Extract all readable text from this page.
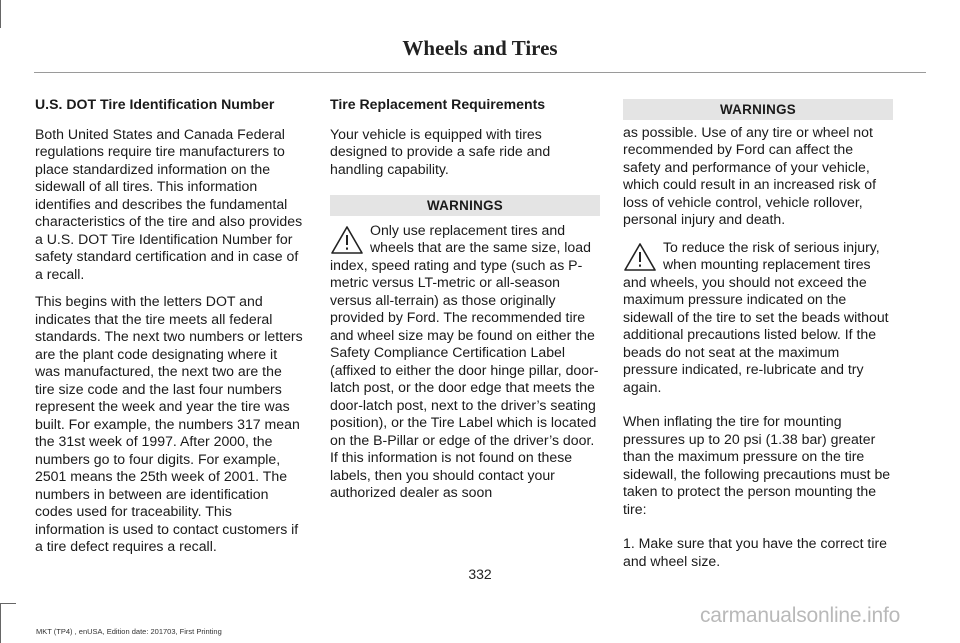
Wheels and Tires
U.S. DOT Tire Identification Number

Both United States and Canada Federal regulations require tire manufacturers to place standardized information on the sidewall of all tires. This information identifies and describes the fundamental characteristics of the tire and also provides a U.S. DOT Tire Identification Number for safety standard certification and in case of a recall.

This begins with the letters DOT and indicates that the tire meets all federal standards. The next two numbers or letters are the plant code designating where it was manufactured, the next two are the tire size code and the last four numbers represent the week and year the tire was built. For example, the numbers 317 mean the 31st week of 1997. After 2000, the numbers go to four digits. For example, 2501 means the 25th week of 2001. The numbers in between are identification codes used for traceability. This information is used to contact customers if a tire defect requires a recall.

Tire Replacement Requirements

Your vehicle is equipped with tires designed to provide a safe ride and handling capability.

WARNINGS

Only use replacement tires and wheels that are the same size, load index, speed rating and type (such as P-metric versus LT-metric or all-season versus all-terrain) as those originally provided by Ford. The recommended tire and wheel size may be found on either the Safety Compliance Certification Label (affixed to either the door hinge pillar, door-latch post, or the door edge that meets the door-latch post, next to the driver’s seating position), or the Tire Label which is located on the B-Pillar or edge of the driver’s door. If this information is not found on these labels, then you should contact your authorized dealer as soon

WARNINGS

as possible. Use of any tire or wheel not recommended by Ford can affect the safety and performance of your vehicle, which could result in an increased risk of loss of vehicle control, vehicle rollover, personal injury and death.

To reduce the risk of serious injury, when mounting replacement tires and wheels, you should not exceed the maximum pressure indicated on the sidewall of the tire to set the beads without additional precautions listed below. If the beads do not seat at the maximum pressure indicated, re-lubricate and try again.

When inflating the tire for mounting pressures up to 20 psi (1.38 bar) greater than the maximum pressure on the tire sidewall, the following precautions must be taken to protect the person mounting the tire:

1. Make sure that you have the correct tire and wheel size.

332
carmanualsonline.info
MKT (TP4) , enUSA, Edition date: 201703, First Printing
